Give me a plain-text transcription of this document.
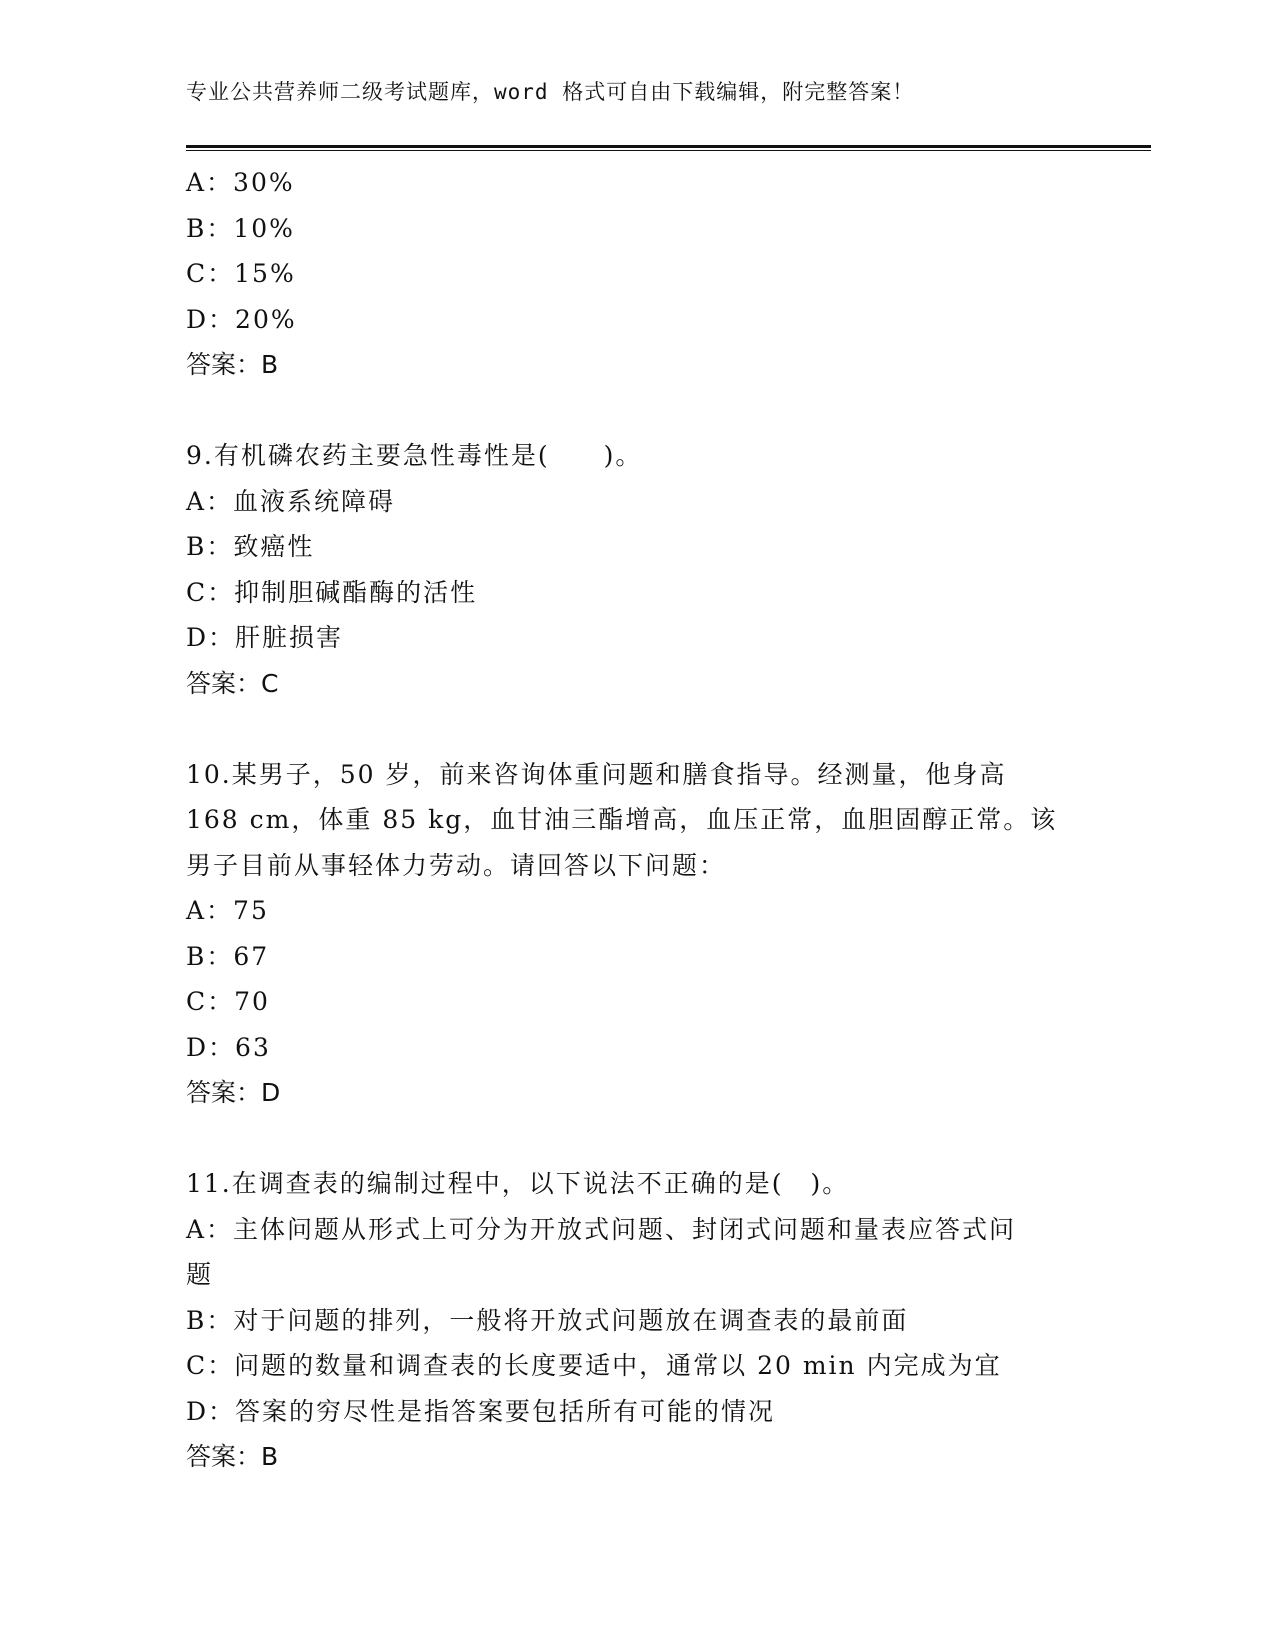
专业公共营养师二级考试题库，word 格式可自由下载编辑，附完整答案！
A：30%
B：10%
C：15%
D：20%
答案：B
9.有机磷农药主要急性毒性是(　　)。
A：血液系统障碍
B：致癌性
C：抑制胆碱酯酶的活性
D：肝脏损害
答案：C
10.某男子，50 岁，前来咨询体重问题和膳食指导。经测量，他身高
168 cm，体重 85 kg，血甘油三酯增高，血压正常，血胆固醇正常。该
男子目前从事轻体力劳动。请回答以下问题：
A：75
B：67
C：70
D：63
答案：D
11.在调查表的编制过程中，以下说法不正确的是(　)。
A：主体问题从形式上可分为开放式问题、封闭式问题和量表应答式问
题
B：对于问题的排列，一般将开放式问题放在调查表的最前面
C：问题的数量和调查表的长度要适中，通常以 20 min 内完成为宜
D：答案的穷尽性是指答案要包括所有可能的情况
答案：B
